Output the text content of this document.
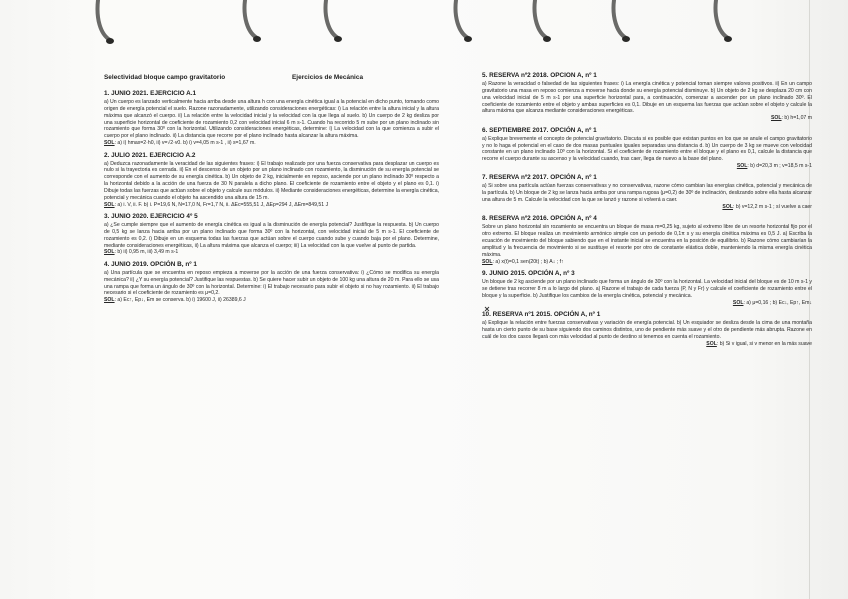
Selectividad bloque campo gravitatorio	Ejercicios de Mecánica
1. JUNIO 2021. EJERCICIO A.1
a) Un cuerpo es lanzado verticalmente hacia arriba desde una altura h con una energía cinética igual a la potencial en dicho punto, tomando como origen de energía potencial el suelo. Razone razonadamente, utilizando consideraciones energéticas: i) La relación entre la altura inicial y la altura máxima que alcanzó el cuerpo. ii) La relación entre la velocidad inicial y la velocidad con la que llega al suelo. b) Un cuerpo de 2 kg desliza por una superficie horizontal de coeficiente de rozamiento 0,2 con velocidad inicial 6 m s-1. Cuando ha recorrido 5 m sube por un plano inclinado sin rozamiento que forma 30º con la horizontal. Utilizando consideraciones energéticas, determine: i) La velocidad con la que comienza a subir el cuerpo por el plano inclinado. ii) La distancia que recorre por el plano inclinado hasta alcanzar la altura máxima.
SOL: a) i) hmax=2·h0, ii) v=√2·v0. b) i) v=4,05 m s-1 , ii) s=1,67 m.
2. JULIO 2021. EJERCICIO A.2
a) Deduzca razonadamente la veracidad de las siguientes frases: i) El trabajo realizado por una fuerza conservativa para desplazar un cuerpo es nulo si la trayectoria es cerrada. ii) En el descenso de un objeto por un plano inclinado con rozamiento, la disminución de su energía potencial se corresponde con el aumento de su energía cinética. b) Un objeto de 2 kg, inicialmente en reposo, asciende por un plano inclinado 30º respecto a la horizontal debido a la acción de una fuerza de 30 N paralela a dicho plano. El coeficiente de rozamiento entre el objeto y el plano es 0,1. i) Dibuje todas las fuerzas que actúan sobre el objeto y calcule sus módulos. ii) Mediante consideraciones energéticas, determine la energía cinética, potencial y mecánica cuando el objeto ha ascendido una altura de 15 m.
SOL: a) i. V, ii. F. b) i. P=19,6 N, N=17,0 N, Fr=1,7 N, ii. ΔEc=555,51 J, ΔEp=294 J, ΔEm=849,51 J
3. JUNIO 2020. EJERCICIO 4º 5
a) ¿Se cumple siempre que el aumento de energía cinética es igual a la disminución de energía potencial? Justifique la respuesta. b) Un cuerpo de 0,5 kg se lanza hacia arriba por un plano inclinado que forma 30º con la horizontal, con velocidad inicial de 5 m s-1. El coeficiente de rozamiento es 0,2. i) Dibuje en un esquema todas las fuerzas que actúan sobre el cuerpo cuando sube y cuando baja por el plano. Determine, mediante consideraciones energéticas, ii) La altura máxima que alcanza el cuerpo; iii) La velocidad con la que vuelve al punto de partida.
SOL: b) ii) 0,95 m, iii) 3,49 m s-1
4. JUNIO 2019. OPCIÓN B, nº 1
a) Una partícula que se encuentra en reposo empieza a moverse por la acción de una fuerza conservativa: i) ¿Cómo se modifica su energía mecánica? ii) ¿Y su energía potencial? Justifique las respuestas. b) Se quiere hacer subir un objeto de 100 kg una altura de 20 m. Para ello se usa una rampa que forma un ángulo de 30º con la horizontal. Determine: i) El trabajo necesario para subir el objeto si no hay rozamiento. ii) El trabajo necesario si el coeficiente de rozamiento es μ=0,2.
SOL: a) Ec↑, Ep↓, Em se conserva. b) i) 19600 J, ii) 26389,6 J
5. RESERVA nº2 2018. OPCIÓN A, nº 1
a) Razone la veracidad o falsedad de las siguientes frases: i) La energía cinética y potencial toman siempre valores positivos. ii) En un campo gravitatorio una masa en reposo comienza a moverse hacia donde su energía potencial disminuye. b) Un objeto de 2 kg se desplaza 20 cm con una velocidad inicial de 5 m s-1 por una superficie horizontal para, a continuación, comenzar a ascender por un plano inclinado 30º. El coeficiente de rozamiento entre el objeto y ambas superficies es 0,1. Dibuje en un esquema las fuerzas que actúan sobre el objeto y calcule la altura máxima que alcanza mediante consideraciones energéticas.
SOL: b) h=1,07 m
6. SEPTIEMBRE 2017. OPCIÓN A, nº 1
a) Explique brevemente el concepto de potencial gravitatorio. Discuta si es posible que existan puntos en los que se anule el campo gravitatorio y no lo haga el potencial en el caso de dos masas puntuales iguales separadas una distancia d. b) Un cuerpo de 3 kg se mueve con velocidad constante en un plano inclinado 10º con la horizontal. Si el coeficiente de rozamiento entre el bloque y el plano es 0,1, calcule la distancia que recorre el cuerpo durante su ascenso y la velocidad cuando, tras caer, llega de nuevo a la base del plano.
SOL: b) d=20,3 m ; v=18,5 m s-1
7. RESERVA nº2 2017. OPCIÓN A, nº 1
a) Si sobre una partícula actúan fuerzas conservativas y no conservativas, razone cómo cambian las energías cinética, potencial y mecánica de la partícula. b) Un bloque de 2 kg se lanza hacia arriba por una rampa rugosa (μ=0,2) de 30º de inclinación, deslizando sobre ella hasta alcanzar una altura de 5 m. Calcule la velocidad con la que se lanzó y razone si volverá a caer.
SOL: b) v=12,2 m s-1 ; sí vuelve a caer
8. RESERVA nº2 2016. OPCIÓN A, nº 4
Sobre un plano horizontal sin rozamiento se encuentra un bloque de masa m=0,25 kg, sujeto al extremo libre de un resorte horizontal fijo por el otro extremo. El bloque realiza un movimiento armónico simple con un periodo de 0,1π s y su energía cinética máxima es 0,5 J. a) Escriba la ecuación de movimiento del bloque sabiendo que en el instante inicial se encuentra en la posición de equilibrio. b) Razone cómo cambiarían la amplitud y la frecuencia de movimiento si se sustituye el resorte por otro de constante elástica doble, manteniendo la misma energía cinética máxima.
SOL: a) x(t)=0,1 sen(20t) ; b) A↓ ; f↑
9. JUNIO 2015. OPCIÓN A, nº 3
Un bloque de 2 kg asciende por un plano inclinado que forma un ángulo de 30º con la horizontal. La velocidad inicial del bloque es de 10 m s-1 y se detiene tras recorrer 8 m a lo largo del plano. a) Razone el trabajo de cada fuerza (P, N y Fr) y calcule el coeficiente de rozamiento entre el bloque y la superficie. b) Justifique los cambios de la energía cinética, potencial y mecánica.
SOL: a) μ=0,16 ; b) Ec↓, Ep↑, Em↓
10. RESERVA nº1 2015. OPCIÓN A, nº 1
a) Explique la relación entre fuerzas conservativas y variación de energía potencial. b) Un esquiador se desliza desde la cima de una montaña hasta un cierto punto de su base siguiendo dos caminos distintos, uno de pendiente más suave y el otro de pendiente más abrupta. Razone en cuál de los dos casos llegará con más velocidad al punto de destino si tenemos en cuenta el rozamiento.
SOL: b) Si v igual, si v menor en la más suave
